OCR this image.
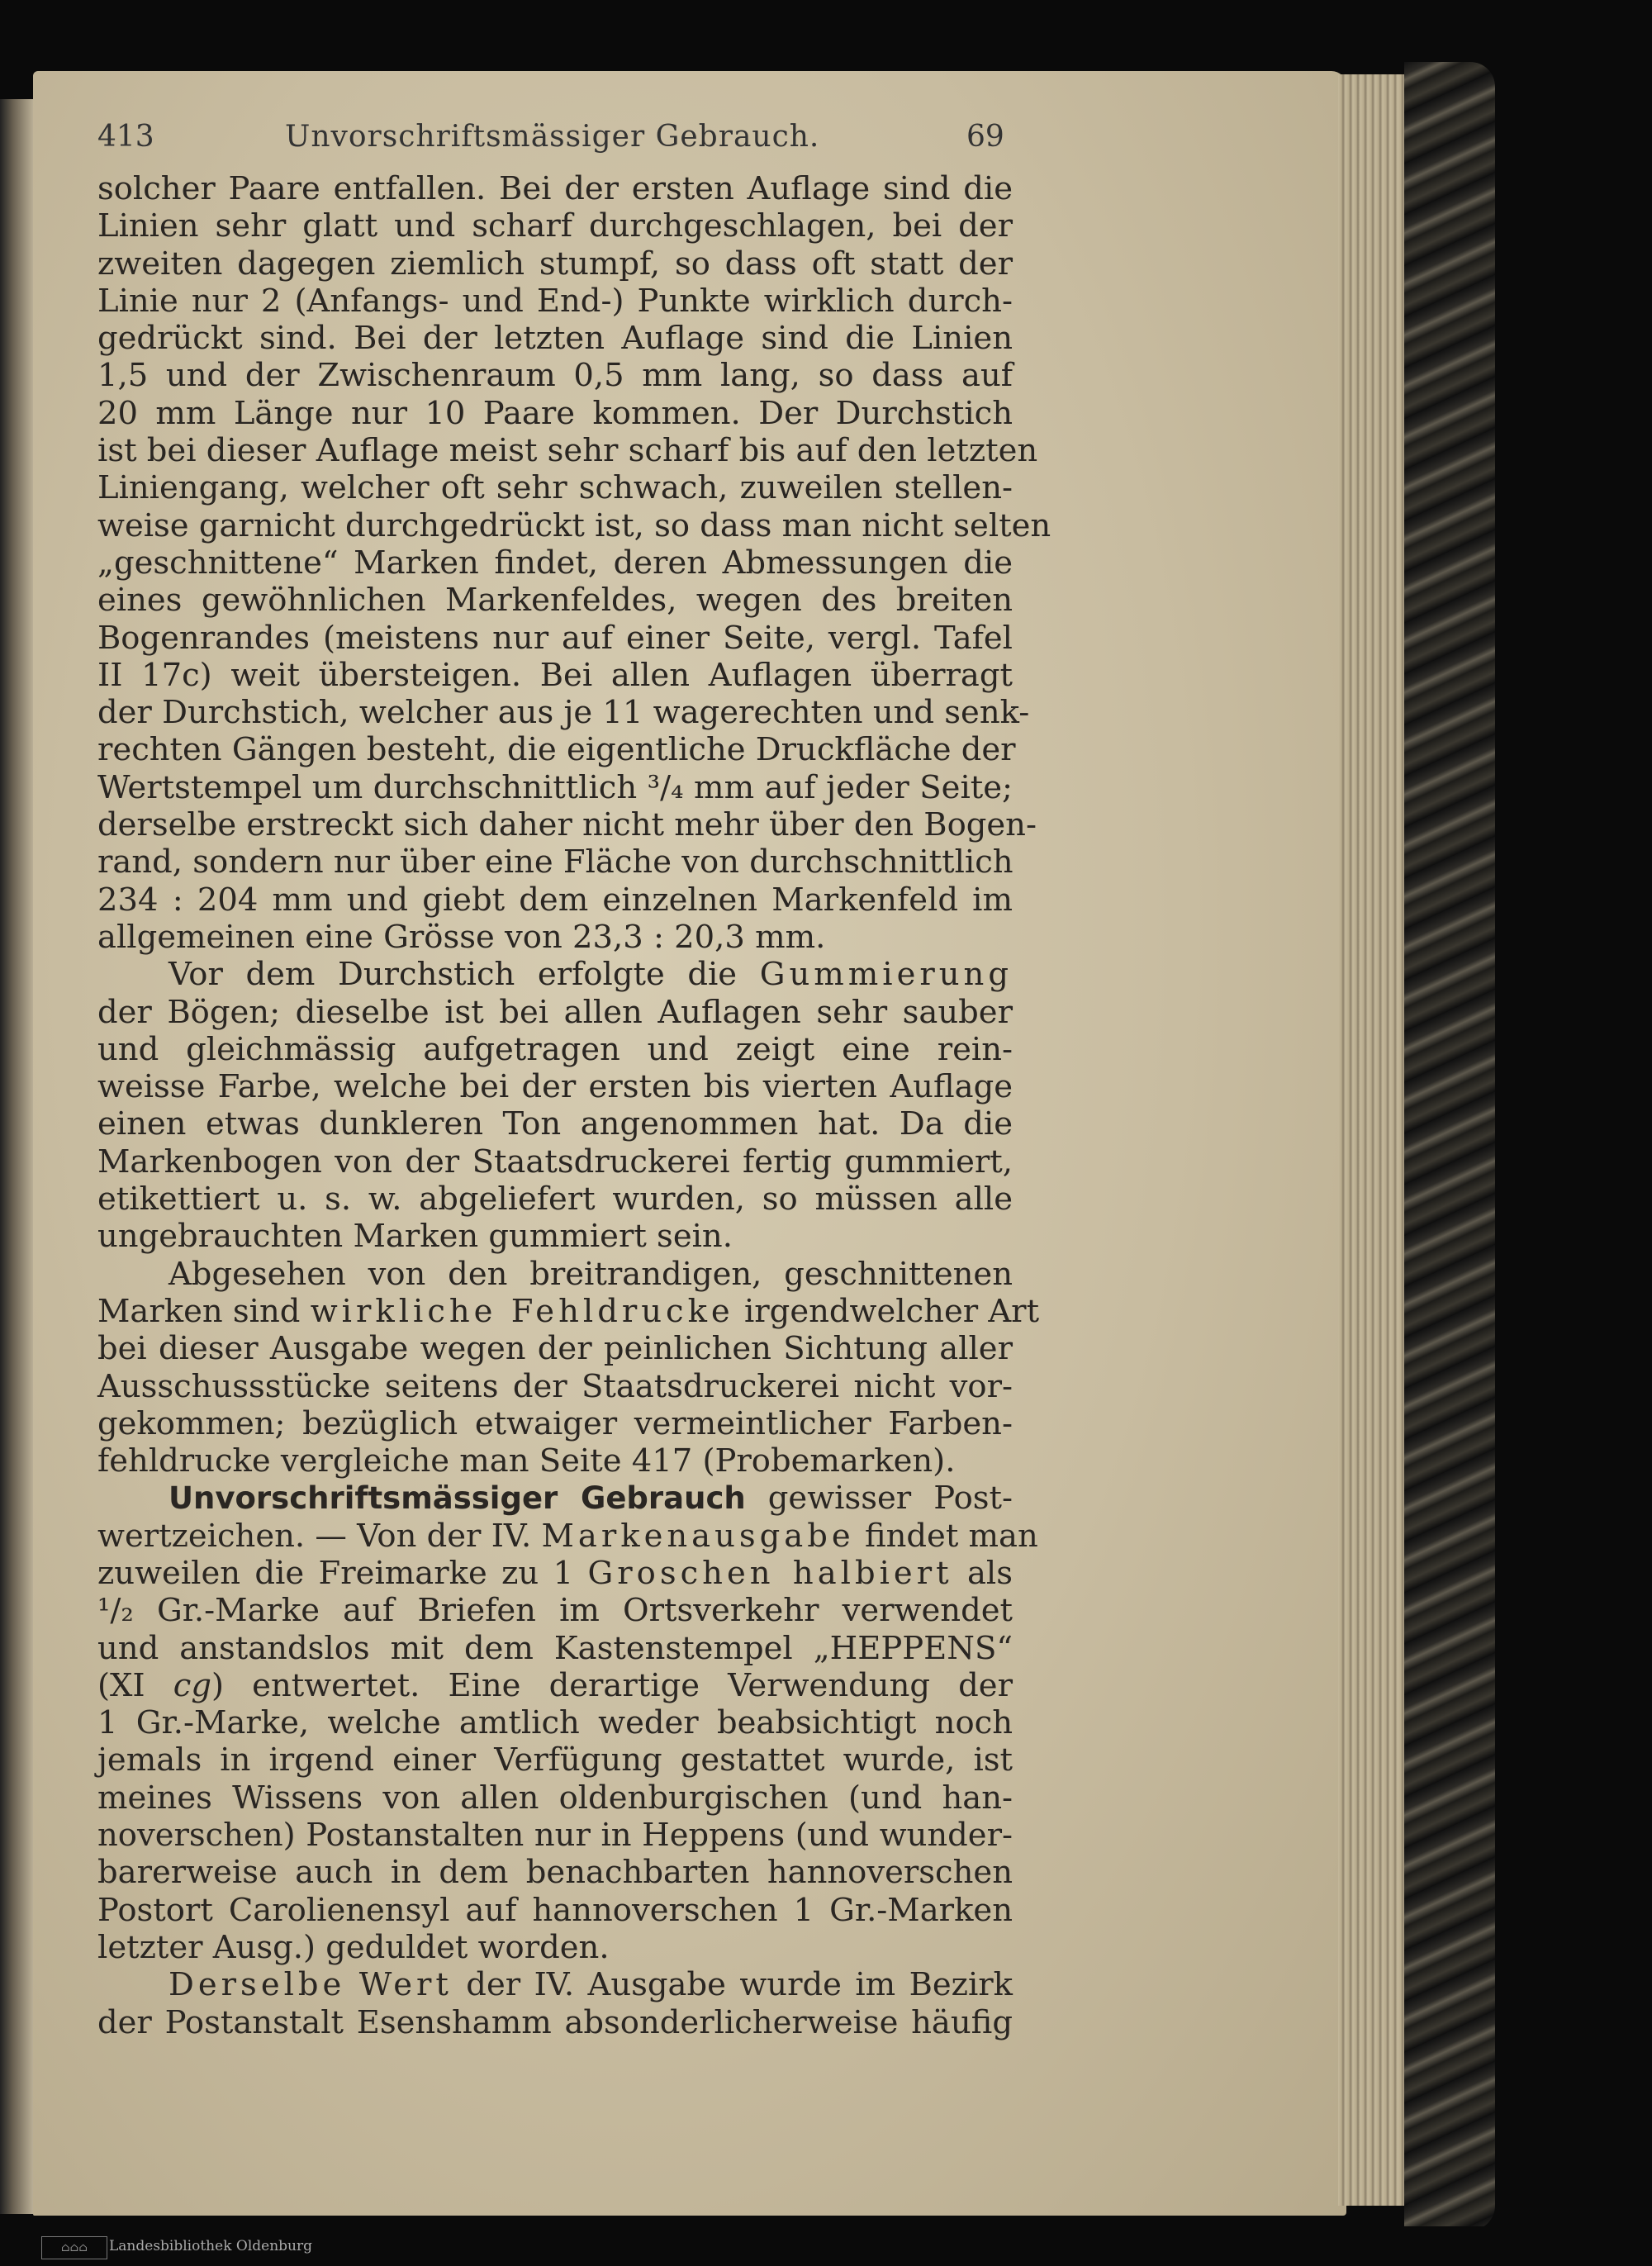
413	Unvorschriftsmässiger Gebrauch.	69
solcher Paare entfallen. Bei der ersten Auflage sind die
Linien sehr glatt und scharf durchgeschlagen, bei der
zweiten dagegen ziemlich stumpf, so dass oft statt der
Linie nur 2 (Anfangs- und End-) Punkte wirklich durch-
gedrückt sind. Bei der letzten Auflage sind die Linien
1,5 und der Zwischenraum 0,5 mm lang, so dass auf
20 mm Länge nur 10 Paare kommen. Der Durchstich
ist bei dieser Auflage meist sehr scharf bis auf den letzten
Liniengang, welcher oft sehr schwach, zuweilen stellen-
weise garnicht durchgedrückt ist, so dass man nicht selten
„geschnittene“ Marken findet, deren Abmessungen die
eines gewöhnlichen Markenfeldes, wegen des breiten
Bogenrandes (meistens nur auf einer Seite, vergl. Tafel
II 17c) weit übersteigen. Bei allen Auflagen überragt
der Durchstich, welcher aus je 11 wagerechten und senk-
rechten Gängen besteht, die eigentliche Druckfläche der
Wertstempel um durchschnittlich ³/₄ mm auf jeder Seite;
derselbe erstreckt sich daher nicht mehr über den Bogen-
rand, sondern nur über eine Fläche von durchschnittlich
234 : 204 mm und giebt dem einzelnen Markenfeld im
allgemeinen eine Grösse von 23,3 : 20,3 mm.
Vor dem Durchstich erfolgte die Gummierung
der Bögen; dieselbe ist bei allen Auflagen sehr sauber
und gleichmässig aufgetragen und zeigt eine rein-
weisse Farbe, welche bei der ersten bis vierten Auflage
einen etwas dunkleren Ton angenommen hat. Da die
Markenbogen von der Staatsdruckerei fertig gummiert,
etikettiert u. s. w. abgeliefert wurden, so müssen alle
ungebrauchten Marken gummiert sein.
Abgesehen von den breitrandigen, geschnittenen
Marken sind wirkliche Fehldrucke irgendwelcher Art
bei dieser Ausgabe wegen der peinlichen Sichtung aller
Ausschussstücke seitens der Staatsdruckerei nicht vor-
gekommen; bezüglich etwaiger vermeintlicher Farben-
fehldrucke vergleiche man Seite 417 (Probemarken).
Unvorschriftsmässiger Gebrauch gewisser Post-
wertzeichen. — Von der IV. Markenausgabe findet man
zuweilen die Freimarke zu 1 Groschen halbiert als
¹/₂ Gr.-Marke auf Briefen im Ortsverkehr verwendet
und anstandslos mit dem Kastenstempel „HEPPENS“
(XI cg) entwertet. Eine derartige Verwendung der
1 Gr.-Marke, welche amtlich weder beabsichtigt noch
jemals in irgend einer Verfügung gestattet wurde, ist
meines Wissens von allen oldenburgischen (und han-
noverschen) Postanstalten nur in Heppens (und wunder-
barerweise auch in dem benachbarten hannoverschen
Postort Carolienensyl auf hannoverschen 1 Gr.-Marken
letzter Ausg.) geduldet worden.
Derselbe Wert der IV. Ausgabe wurde im Bezirk
der Postanstalt Esenshamm absonderlicherweise häufig
⌂⌂⌂	Landesbibliothek Oldenburg
